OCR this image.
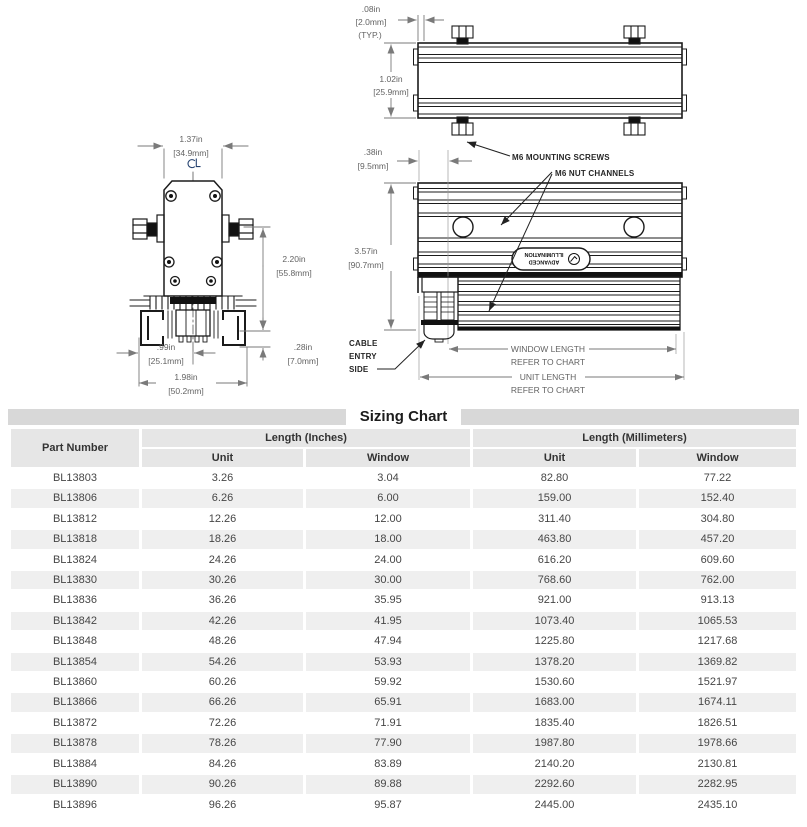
1.37in
[34.9mm]
2.20in
[55.8mm]
.99in
[25.1mm]
1.98in
[50.2mm]
.28in
[7.0mm]
.08in
[2.0mm]
(TYP.)
1.02in
[25.9mm]
M6 MOUNTING SCREWS
ADVANCED
ILLUMINATION
M6 NUT CHANNELS
CABLE
ENTRY
SIDE
.38in
[9.5mm]
3.57in
[90.7mm]
WINDOW LENGTH
REFER TO CHART
UNIT LENGTH
REFER TO CHART
Sizing Chart
Part Number	Length (Inches)		Length (Millimeters)	
	Unit	Window	Unit	Window
BL13803	3.26	3.04	82.80	77.22
BL13806	6.26	6.00	159.00	152.40
BL13812	12.26	12.00	311.40	304.80
BL13818	18.26	18.00	463.80	457.20
BL13824	24.26	24.00	616.20	609.60
BL13830	30.26	30.00	768.60	762.00
BL13836	36.26	35.95	921.00	913.13
BL13842	42.26	41.95	1073.40	1065.53
BL13848	48.26	47.94	1225.80	1217.68
BL13854	54.26	53.93	1378.20	1369.82
BL13860	60.26	59.92	1530.60	1521.97
BL13866	66.26	65.91	1683.00	1674.11
BL13872	72.26	71.91	1835.40	1826.51
BL13878	78.26	77.90	1987.80	1978.66
BL13884	84.26	83.89	2140.20	2130.81
BL13890	90.26	89.88	2292.60	2282.95
BL13896	96.26	95.87	2445.00	2435.10
